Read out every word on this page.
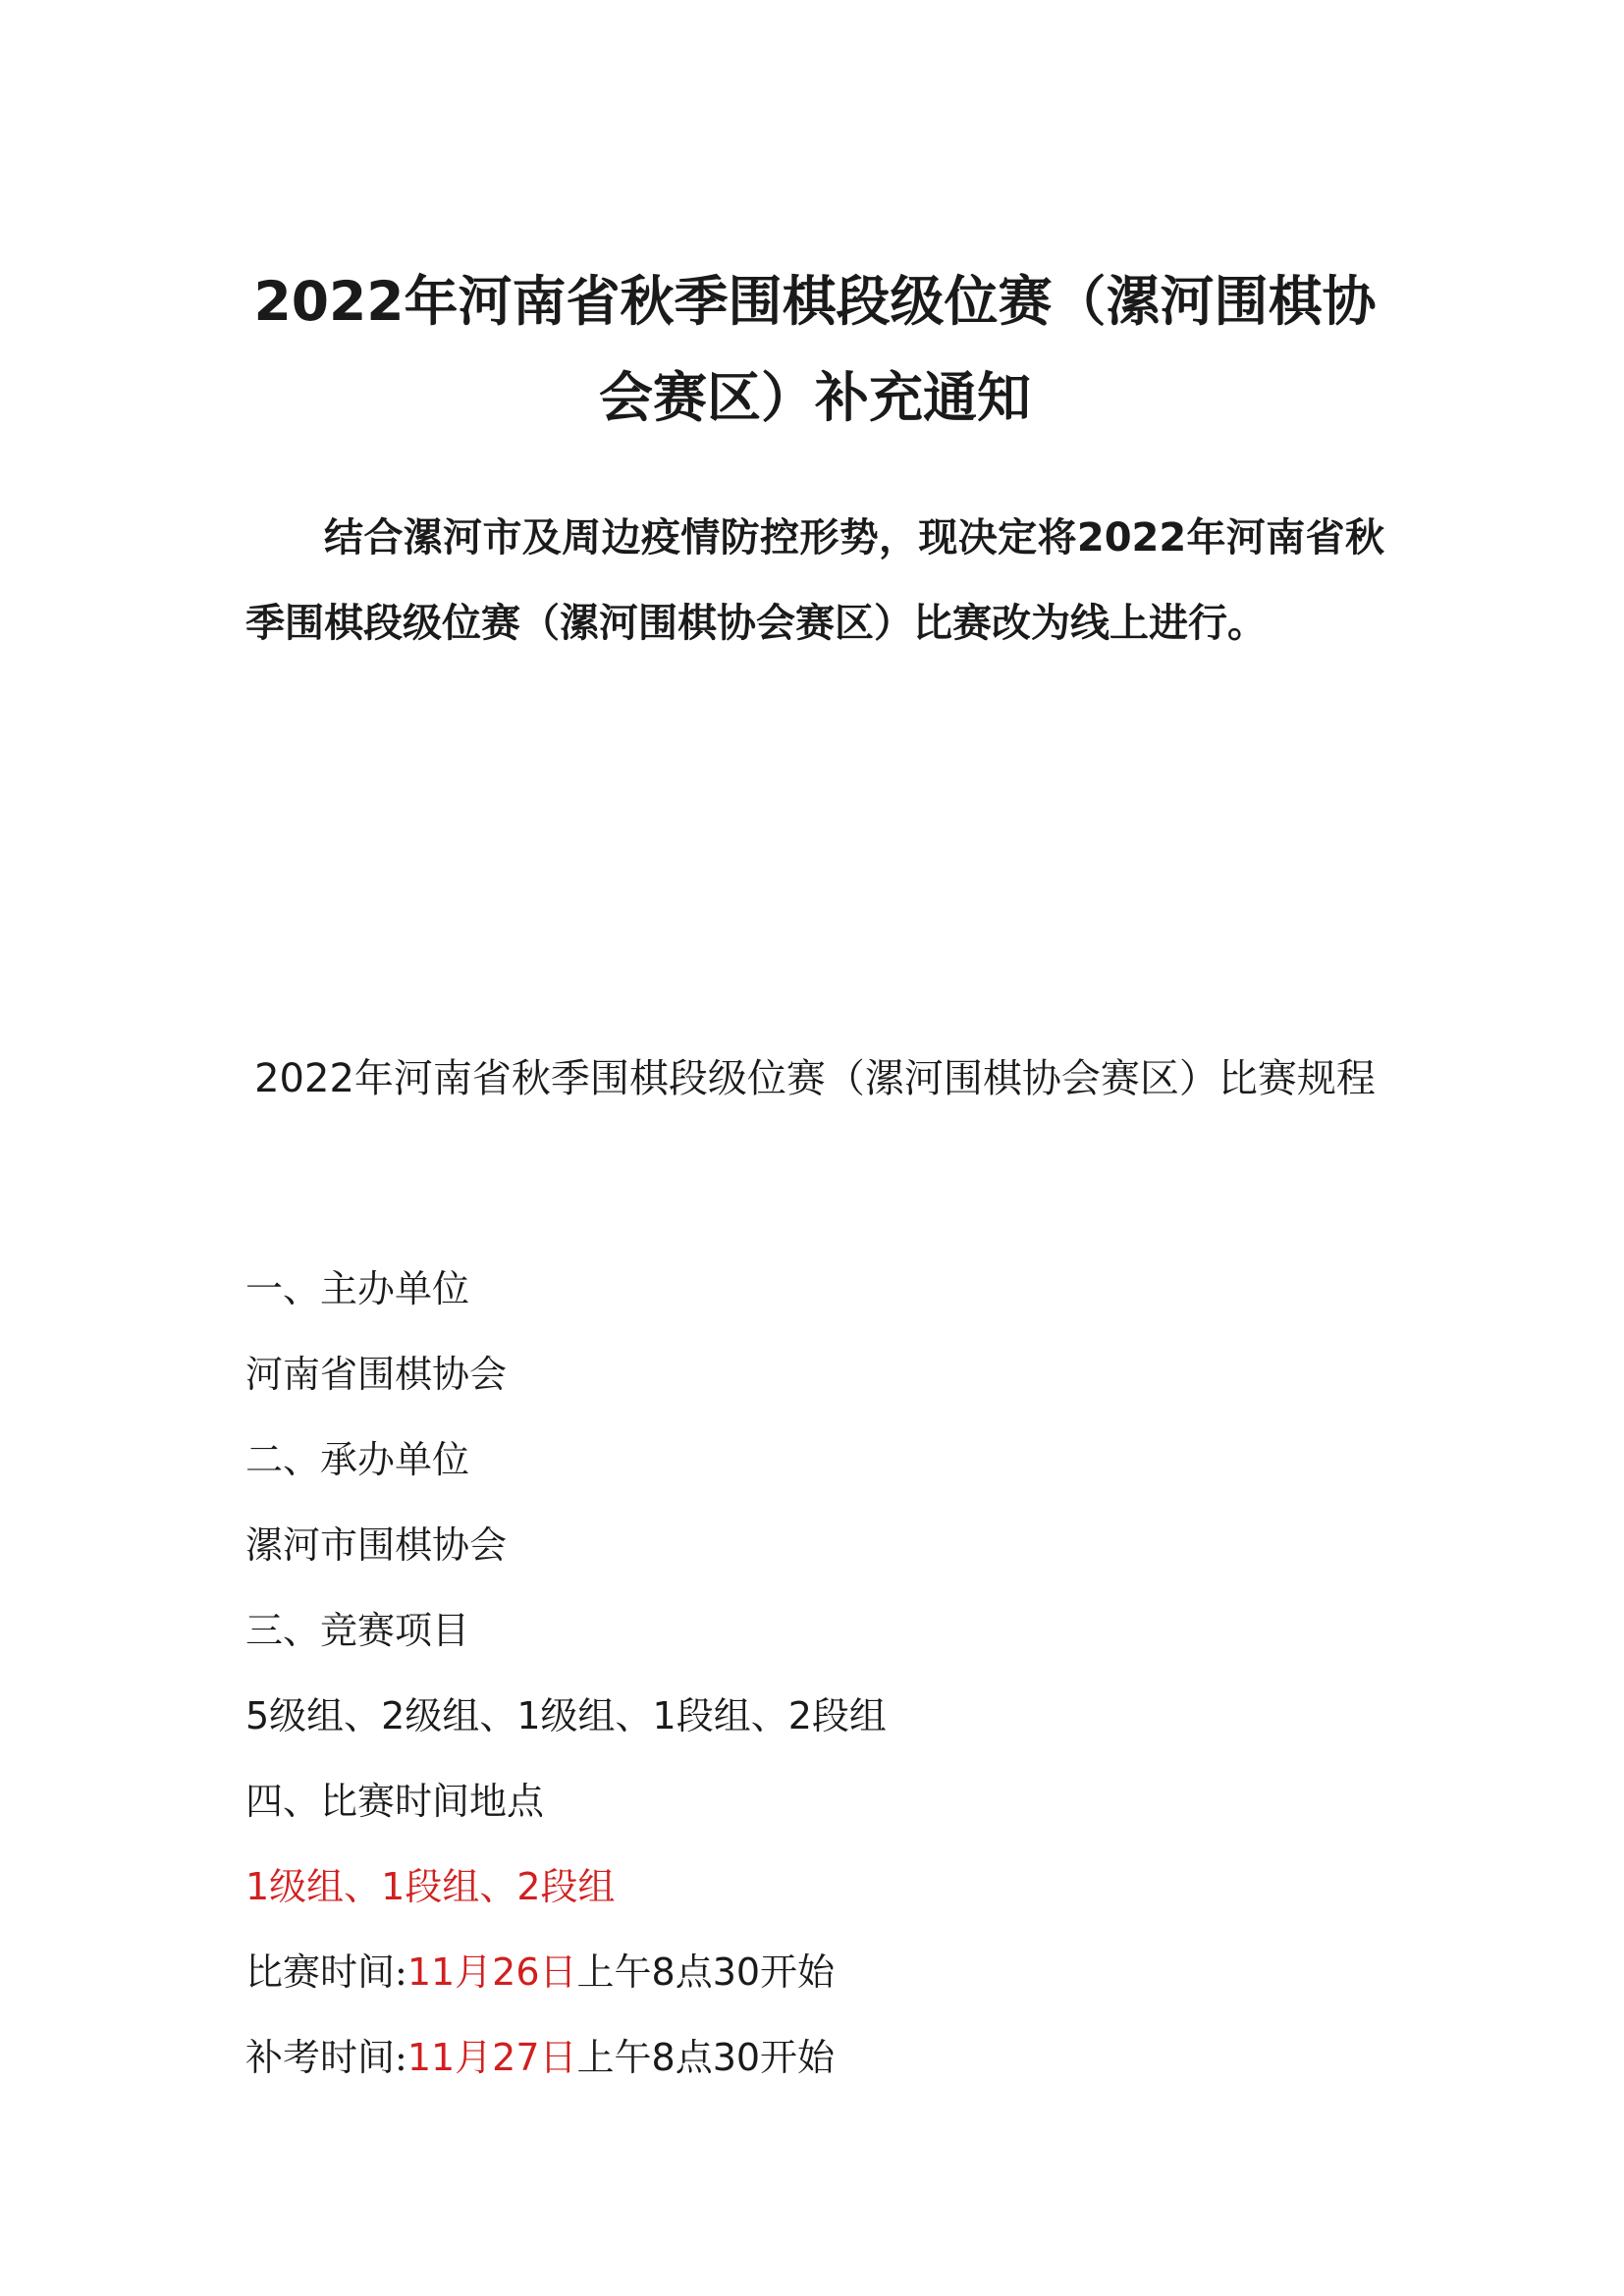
2022年河南省秋季围棋段级位赛（漯河围棋协会赛区）补充通知

结合漯河市及周边疫情防控形势，现决定将2022年河南省秋季围棋段级位赛（漯河围棋协会赛区）比赛改为线上进行。

2022年河南省秋季围棋段级位赛（漯河围棋协会赛区）比赛规程
一、主办单位
河南省围棋协会
二、承办单位
漯河市围棋协会
三、竞赛项目
5级组、2级组、1级组、1段组、2段组
四、比赛时间地点
1级组、1段组、2段组
比赛时间:11月26日上午8点30开始
补考时间:11月27日上午8点30开始
